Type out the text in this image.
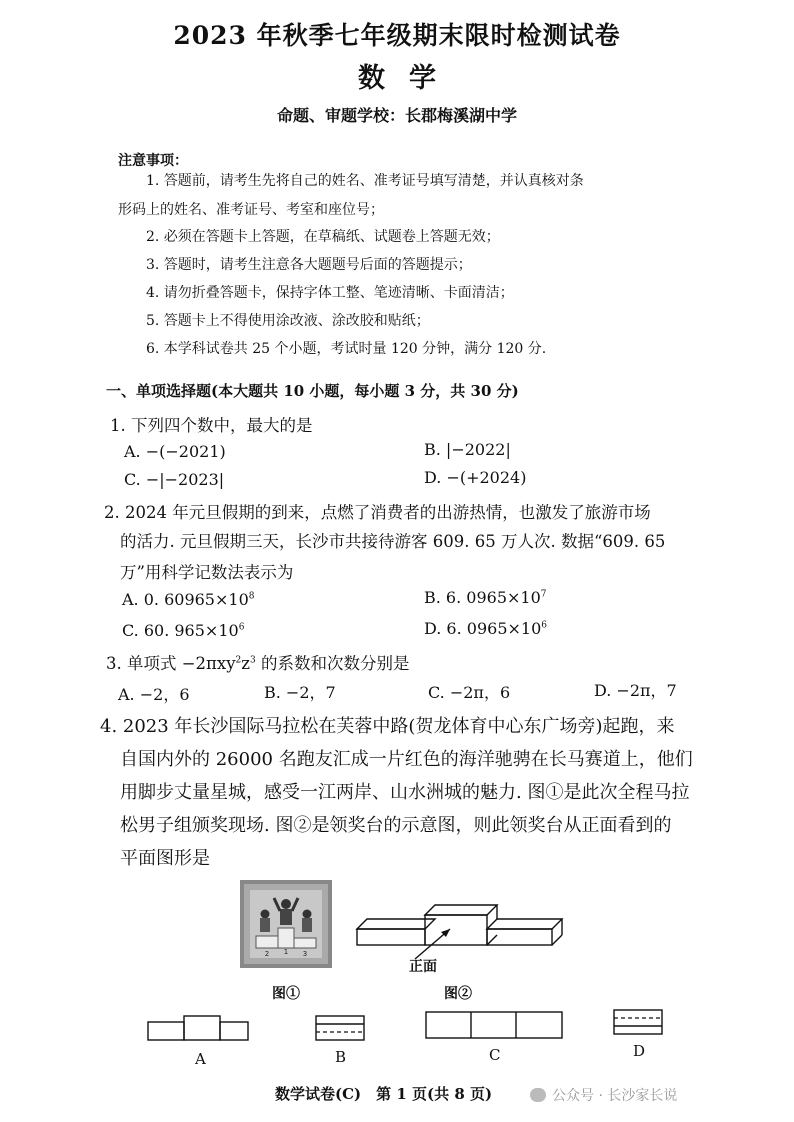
2023 年秋季七年级期末限时检测试卷
数学
命题、审题学校：长郡梅溪湖中学
注意事项：
1. 答题前，请考生先将自己的姓名、准考证号填写清楚，并认真核对条
形码上的姓名、准考证号、考室和座位号；
2. 必须在答题卡上答题，在草稿纸、试题卷上答题无效；
3. 答题时，请考生注意各大题题号后面的答题提示；
4. 请勿折叠答题卡，保持字体工整、笔迹清晰、卡面清洁；
5. 答题卡上不得使用涂改液、涂改胶和贴纸；
6. 本学科试卷共 25 个小题，考试时量 120 分钟，满分 120 分.
一、单项选择题(本大题共 10 小题，每小题 3 分，共 30 分)
1. 下列四个数中，最大的是
A. −(−2021)	B. |−2022|
C. −|−2023|	D. −(+2024)
2. 2024 年元旦假期的到来，点燃了消费者的出游热情，也激发了旅游市场
的活力. 元旦假期三天，长沙市共接待游客 609. 65 万人次. 数据“609. 65
万”用科学记数法表示为
A. 0. $60965\times 10^8$	B. 6. $0965\times 10^7$
C. 60. $965\times 10^6$	D. 6. $0965\times 10^6$
3. 单项式 $-2\pi xy^2z^3$ 的系数和次数分别是
A. −2，6	B. −2，7	C. −2π，6	D. −2π，7
4. 2023 年长沙国际马拉松在芙蓉中路(贺龙体育中心东广场旁)起跑，来
自国内外的 26000 名跑友汇成一片红色的海洋驰骋在长马赛道上，他们
用脚步丈量星城，感受一江两岸、山水洲城的魅力. 图①是此次全程马拉
松男子组颁奖现场. 图②是领奖台的示意图，则此领奖台从正面看到的
平面图形是
2 1 3
图①
正面
图②
A	B	C	D
数学试卷(C)　第 1 页(共 8 页)	公众号 · 长沙家长说
